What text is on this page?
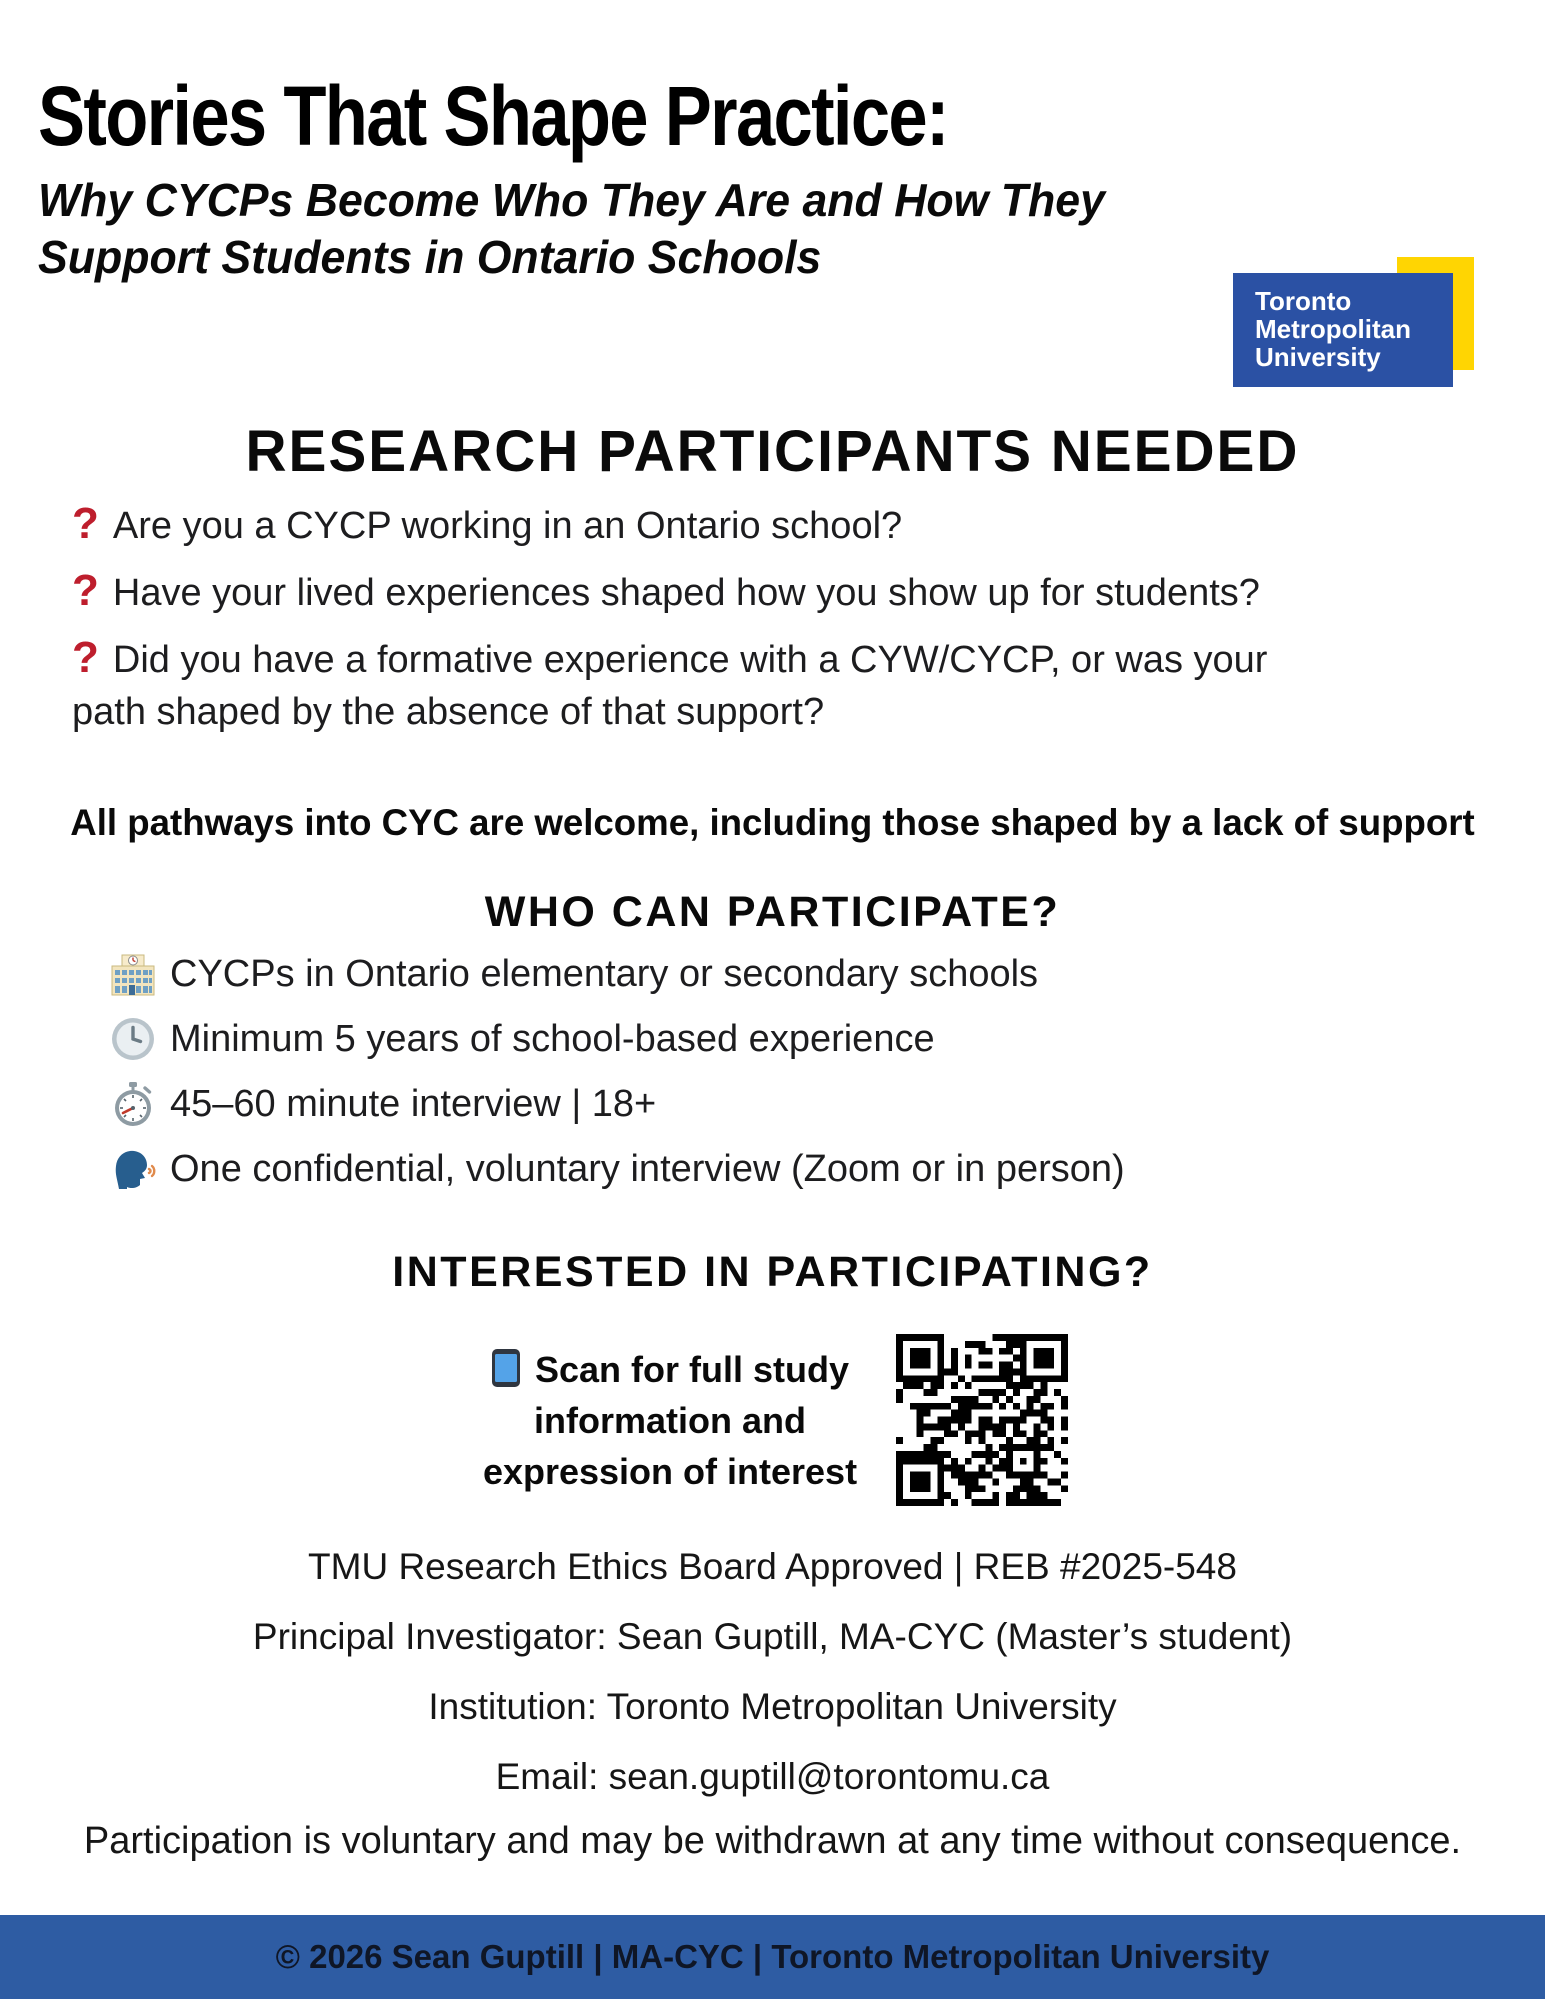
Stories That Shape Practice:
Why CYCPs Become Who They Are and How They
Support Students in Ontario Schools
Toronto
Metropolitan
University
RESEARCH PARTICIPANTS NEEDED
? Are you a CYCP working in an Ontario school?
? Have your lived experiences shaped how you show up for students?
? Did you have a formative experience with a CYW/CYCP, or was your
path shaped by the absence of that support?
All pathways into CYC are welcome, including those shaped by a lack of support
WHO CAN PARTICIPATE?
CYCPs in Ontario elementary or secondary schools
Minimum 5 years of school-based experience
45–60 minute interview | 18+
One confidential, voluntary interview (Zoom or in person)
INTERESTED IN PARTICIPATING?
Scan for full study
information and
expression of interest
TMU Research Ethics Board Approved | REB #2025-548
Principal Investigator: Sean Guptill, MA-CYC (Master’s student)
Institution: Toronto Metropolitan University
Email: sean.guptill@torontomu.ca
Participation is voluntary and may be withdrawn at any time without consequence.
© 2026 Sean Guptill | MA-CYC | Toronto Metropolitan University
